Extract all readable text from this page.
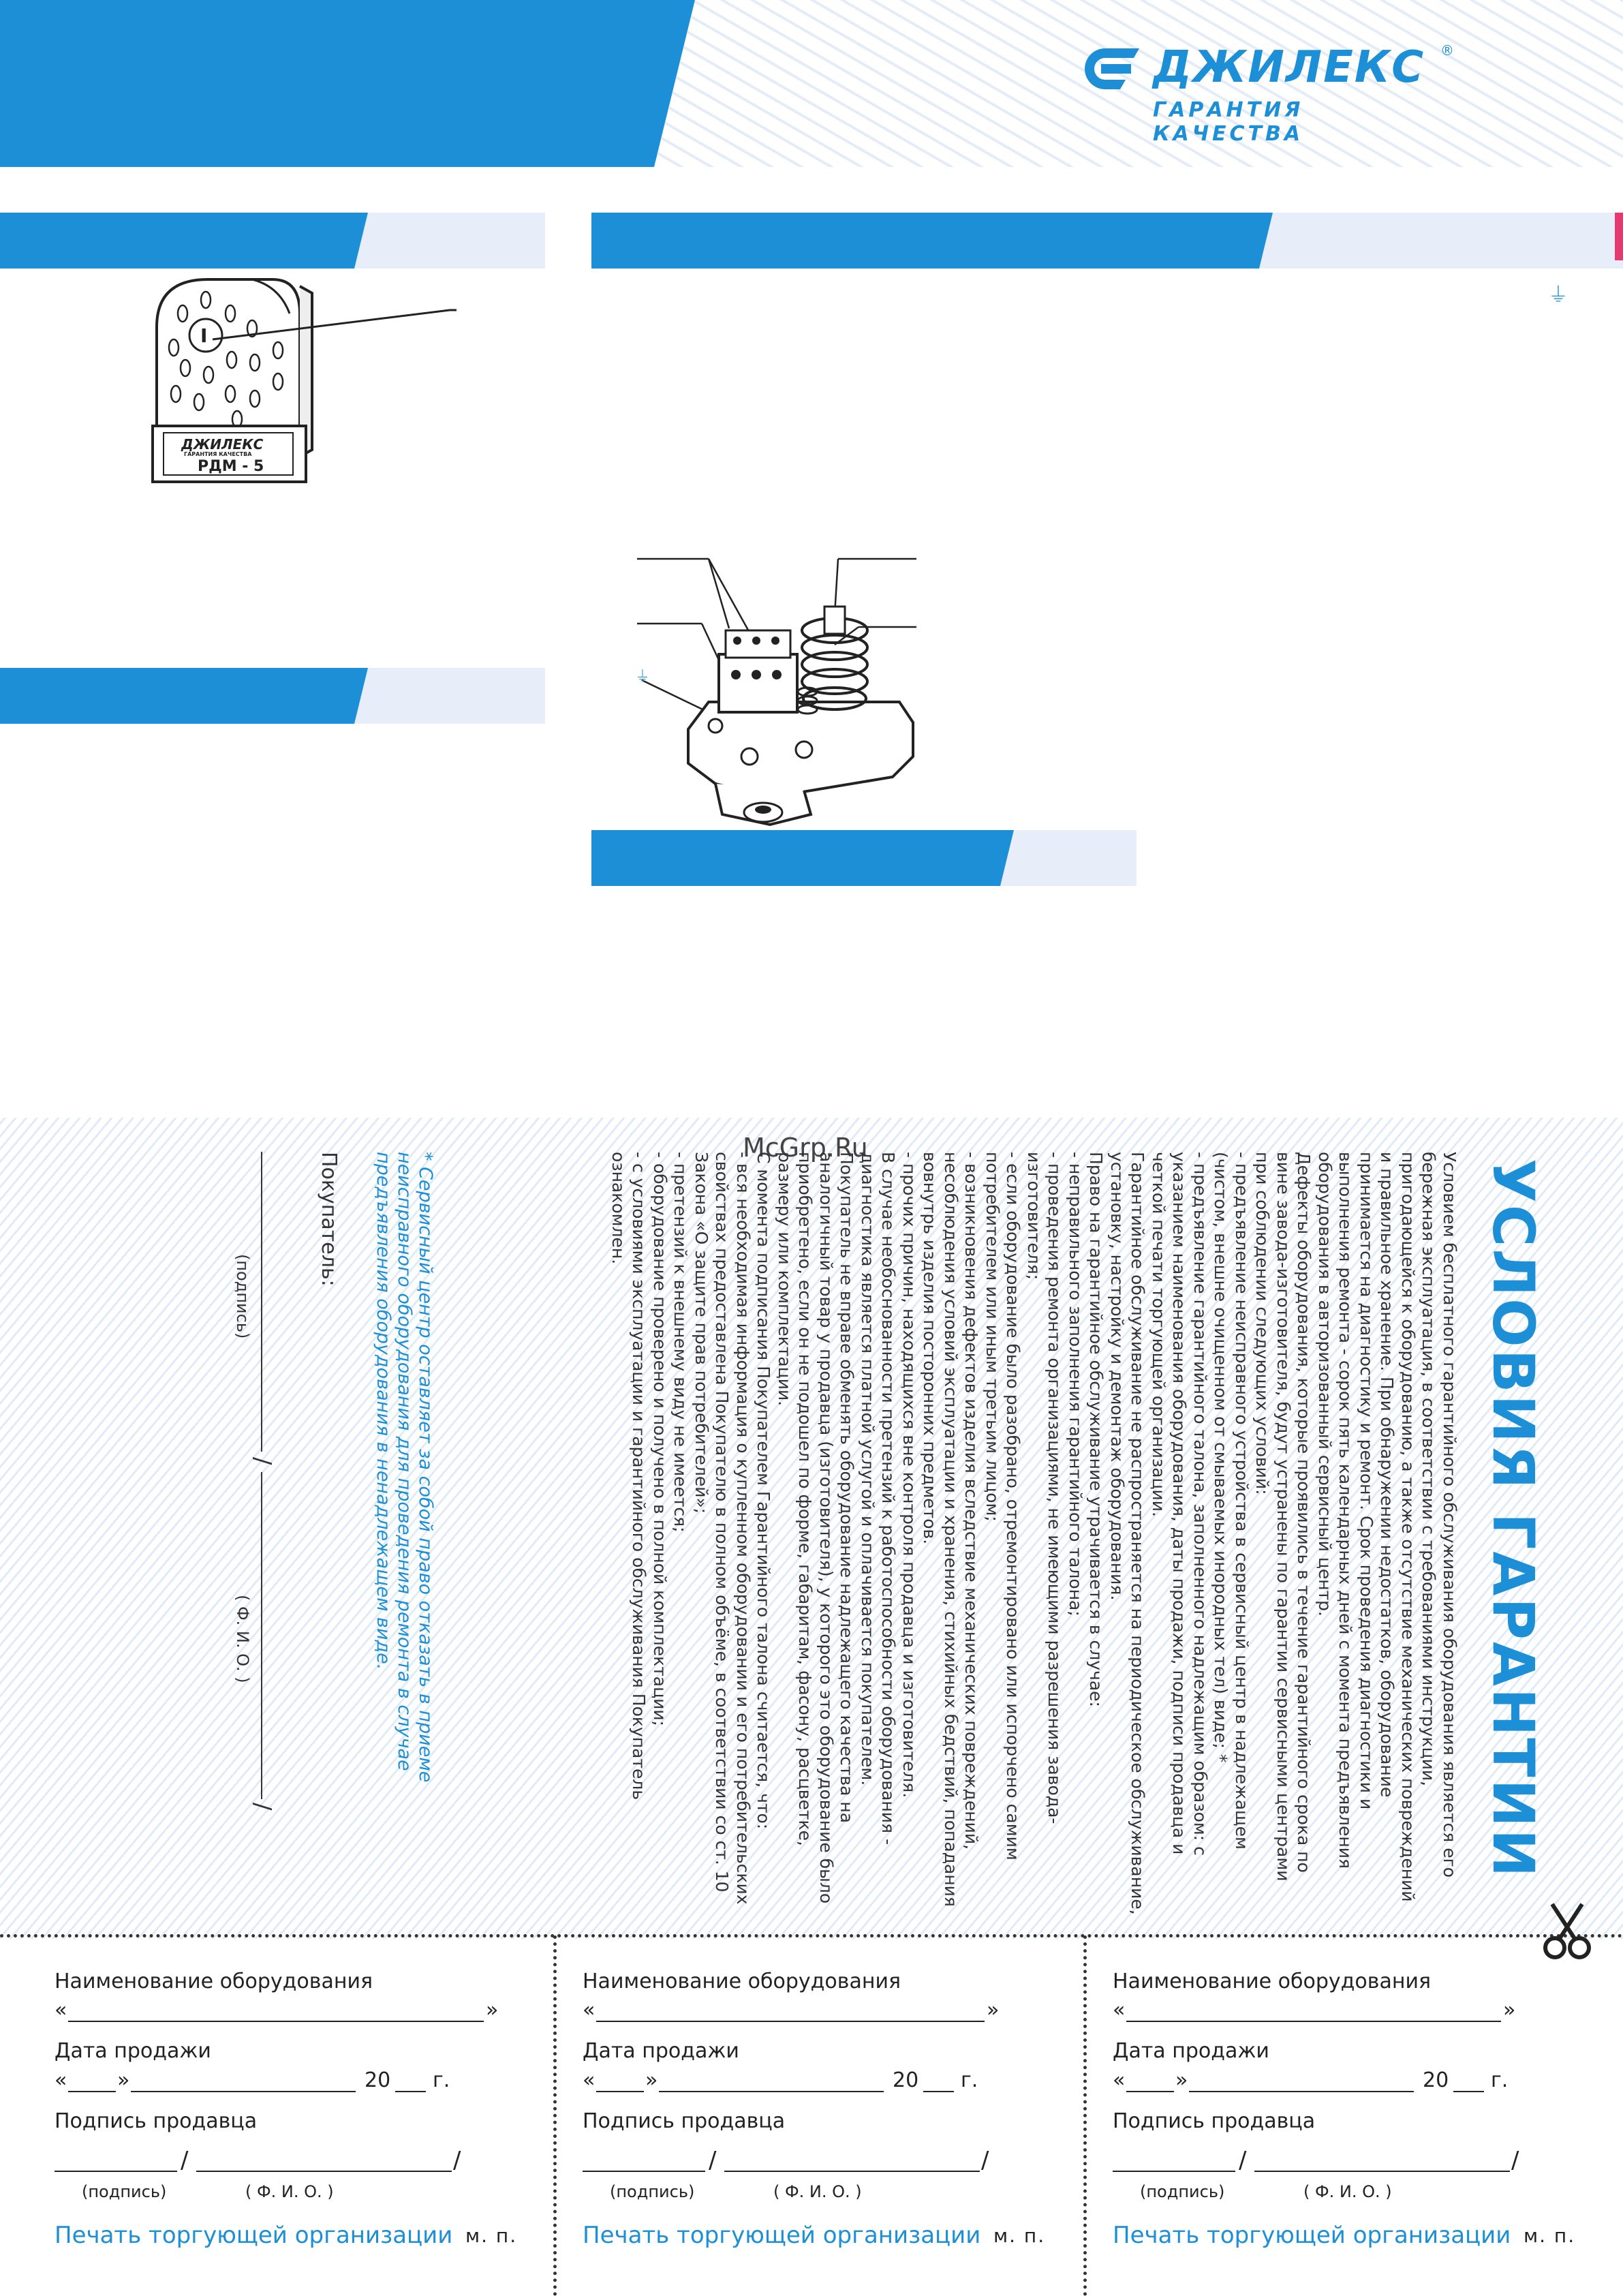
ДЖИЛЕКС ®
ГАРАНТИЯ КАЧЕСТВА
⏚
I
ДЖИЛЕКС
ГАРАНТИЯ КАЧЕСТВА
РДМ - 5
⏚
McGrp.Ru
УСЛОВИЯ ГАРАНТИИ
Условием бесплатного гарантийного обслуживания оборудования является его бережная эксплуатация, в соответствии с требованиями инструкции, пригодающейся к оборудованию, а также отсутствие механических повреждений и правильное хранение. При обнаружении недостатков, оборудование принимается на диагностику и ремонт. Срок проведения диагностики и выполнения ремонта - сорок пять календарных дней с момента предъявления оборудования в авторизованный сервисный центр.
Дефекты оборудования, которые проявились в течение гарантийного срока по вине завода-изготовителя, будут устранены по гарантии сервисными центрами при соблюдении следующих условий:
- предъявление неисправного устройства в сервисный центр в надлежащем (чистом, внешне очищенном от смываемых инородных тел) виде; *
- предъявление гарантийного талона, заполненного надлежащим образом: с указанием наименования оборудования, даты продажи, подписи продавца и четкой печати торгующей организации.
Гарантийное обслуживание не распространяется на периодическое обслуживание, установку, настройку и демонтаж оборудования.
Право на гарантийное обслуживание утрачивается в случае:
- неправильного заполнения гарантийного талона;
- проведения ремонта организациями, не имеющими разрешения завода-изготовителя;
- если оборудование было разобрано, отремонтировано или испорчено самим потребителем или иным третьим лицом;
- возникновения дефектов изделия вследствие механических повреждений, несоблюдения условий эксплуатации и хранения, стихийных бедствий, попадания вовнутрь изделия посторонних предметов.
- прочих причин, находящихся вне контроля продавца и изготовителя.
В случае необоснованности претензий к работоспособности оборудования - диагностика является платной услугой и оплачивается покупателем.
Покупатель не вправе обменять оборудование надлежащего качества на аналогичный товар у продавца (изготовителя), у которого это оборудование было приобретено, если он не подошел по форме, габаритам, фасону, расцветке, размеру или комплектации.
С момента подписания Покупателем Гарантийного талона считается, что:
- вся необходимая информация о купленном оборудовании и его потребительских свойствах предоставлена Покупателю в полном объёме, в соответствии со ст. 10 Закона «О защите прав потребителей»;
- претензий к внешнему виду не имеется;
- оборудование проверено и получено в полной комплектации;
- с условиями эксплуатации и гарантийного обслуживания Покупатель ознакомлен.
* Сервисный центр оставляет за собой право отказать в приеме неисправного оборудования для проведения ремонта в случае предъявления оборудования в ненадлежащем виде.
Покупатель:
/
/
(подпись)
( Ф. И. О. )
Наименование оборудования
«	»
Дата продажи
« »	20 г.
Подпись продавца
/	/
(подпись)	( Ф. И. О. )
Печать торгующей организации м. п.
Наименование оборудования
«	»
Дата продажи
« »	20 г.
Подпись продавца
/	/
(подпись)	( Ф. И. О. )
Печать торгующей организации м. п.
Наименование оборудования
«	»
Дата продажи
« »	20 г.
Подпись продавца
/	/
(подпись)	( Ф. И. О. )
Печать торгующей организации м. п.
